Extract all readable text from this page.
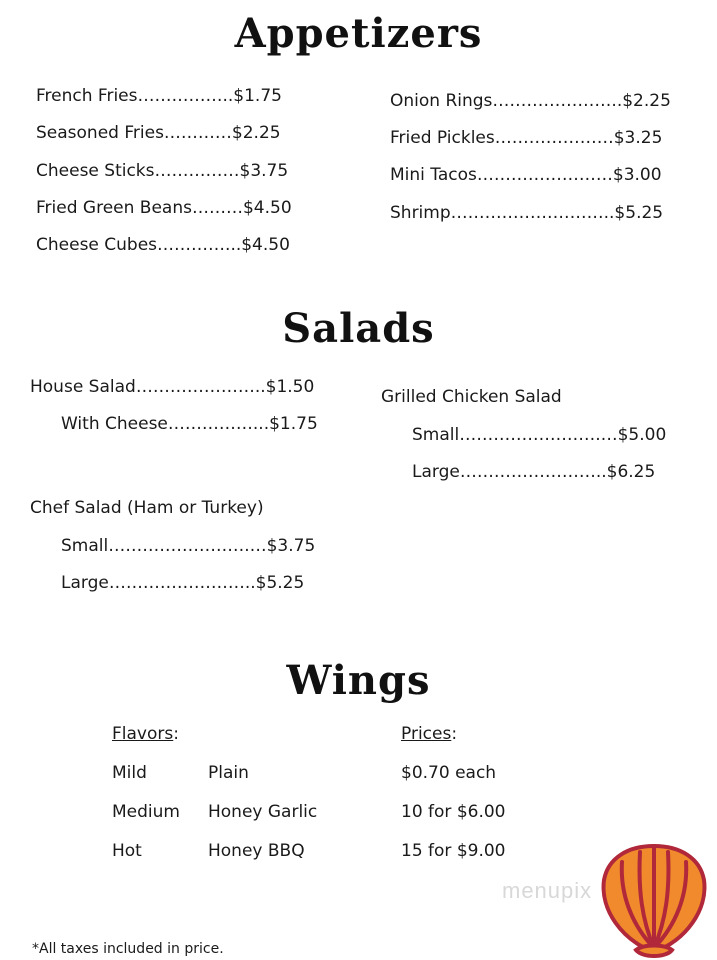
Appetizers
Salads
Wings
French Fries……………..$1.75
Seasoned Fries…………$2.25
Cheese Sticks……………$3.75
Fried Green Beans………$4.50
Cheese Cubes…………...$4.50
Onion Rings…………………..$2.25
Fried Pickles…………………$3.25
Mini Tacos……………………$3.00
Shrimp………………………..$5.25
House Salad…………………..$1.50
With Cheese……………...$1.75
Chef Salad (Ham or Turkey)
Small…………………….…$3.75
Large……………………..$5.25
Grilled Chicken Salad
Small…………………….…$5.00
Large……………………..$6.25
Flavors:	Prices:
Mild
Medium
Hot
Plain
Honey Garlic
Honey BBQ
$0.70 each
10 for $6.00
15 for $9.00
*All taxes included in price.
menupix
